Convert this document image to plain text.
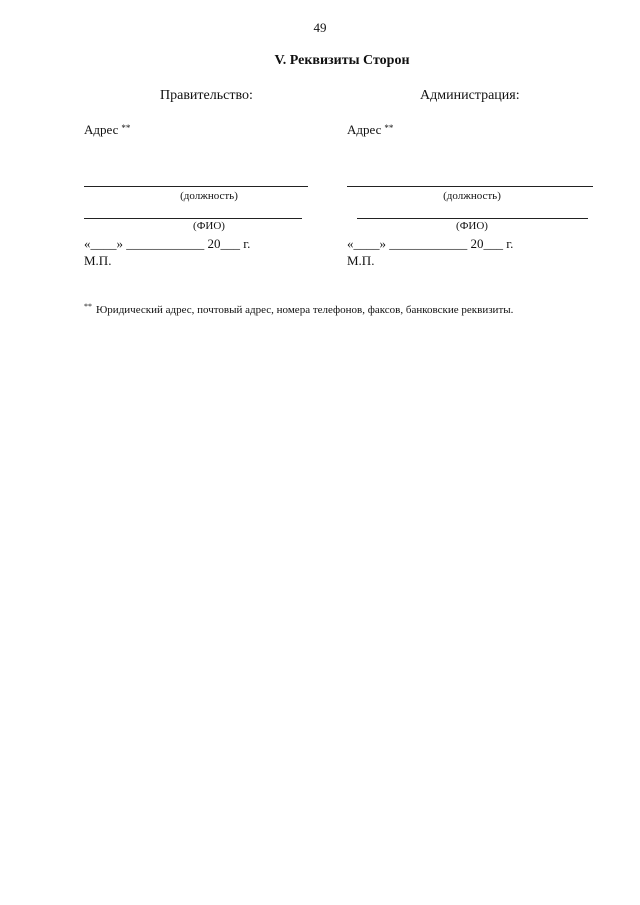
49
V. Реквизиты Сторон
Правительство:
Адрес **
(должность)
(ФИО)
«____» ____________ 20___ г.
М.П.
Администрация:
Адрес **
(должность)
(ФИО)
«____» ____________ 20___ г.
М.П.
** Юридический адрес, почтовый адрес, номера телефонов, факсов, банковские реквизиты.
